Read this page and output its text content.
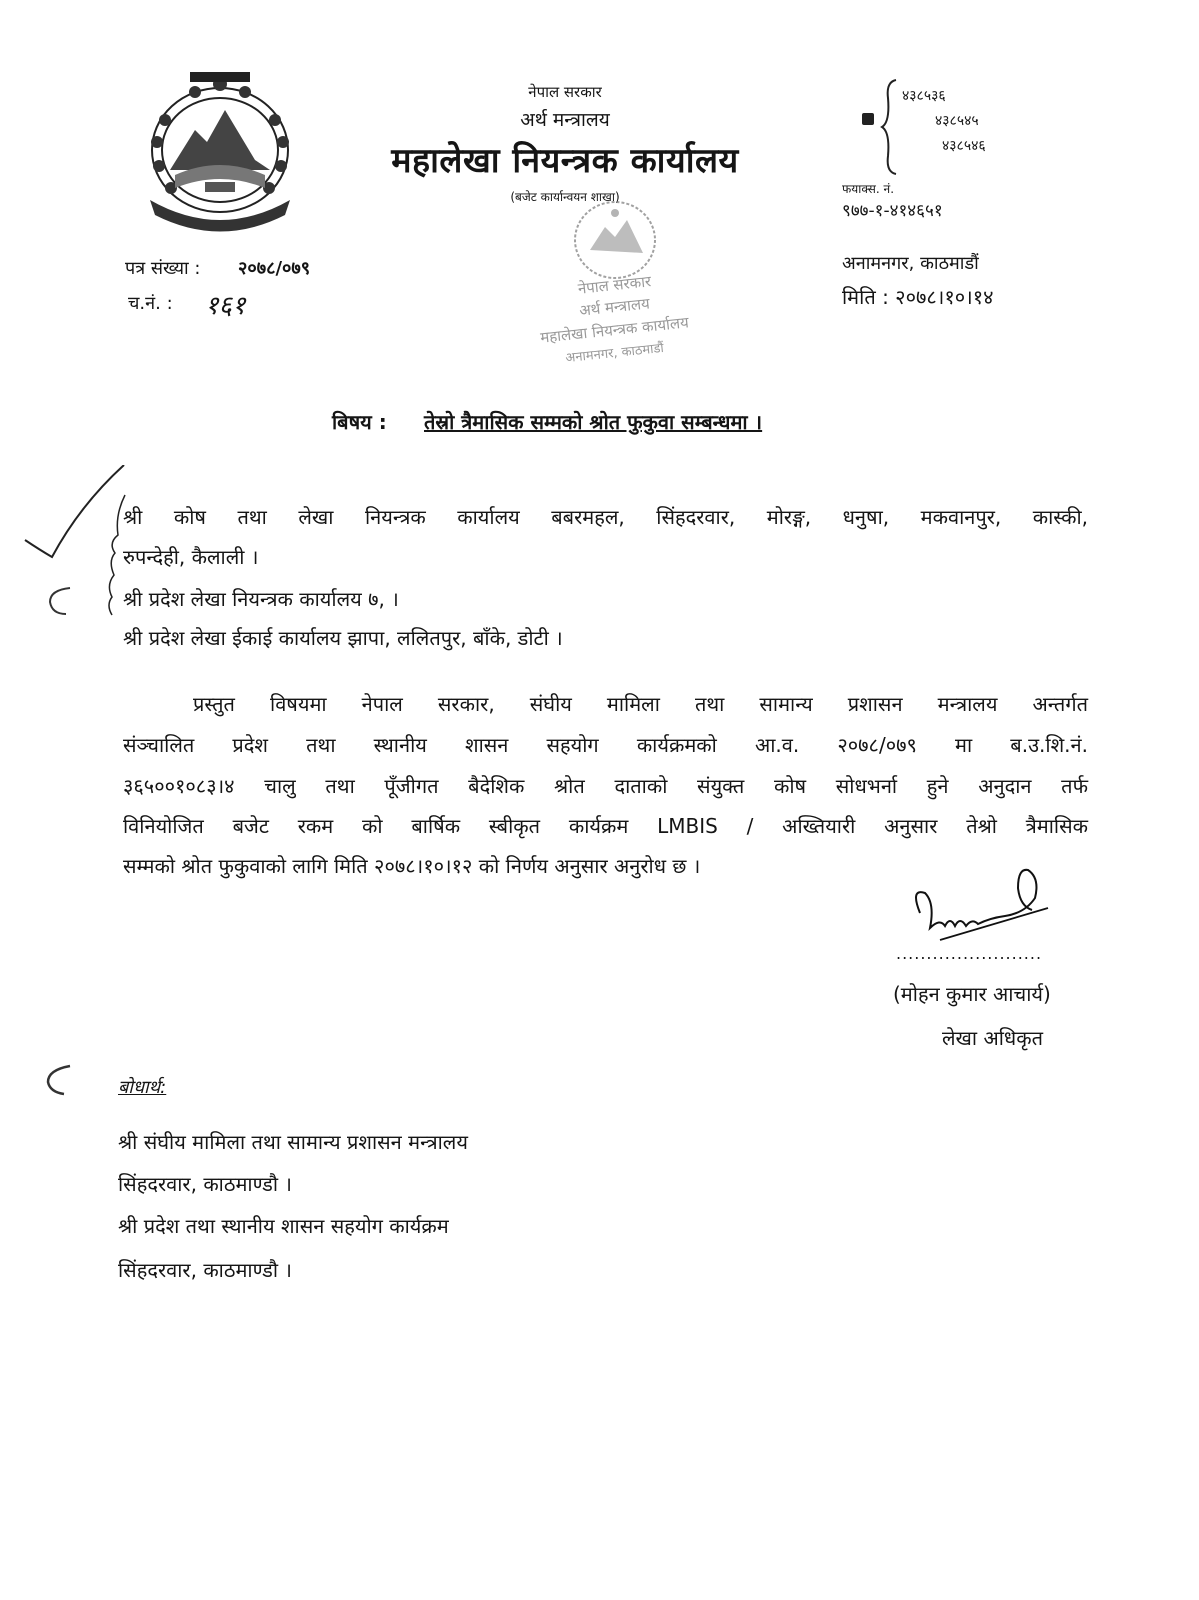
नेपाल सरकार
अर्थ मन्त्रालय
महालेखा नियन्त्रक कार्यालय
(बजेट कार्यान्वयन शाखा)
४३८५३६
४३८५४५
४३८५४६
फयाक्स. नं.
९७७-१-४१४६५१
अनामनगर, काठमाडौं
मिति : २०७८।१०।१४
पत्र संख्या : २०७८/०७९
च.नं. : १६१
नेपाल सरकार
अर्थ मन्त्रालय
महालेखा नियन्त्रक कार्यालय
अनामनगर, काठमाडौं
बिषय : तेस्रो त्रैमासिक सम्मको श्रोत फुकुवा सम्बन्धमा ।
श्री कोष तथा लेखा नियन्त्रक कार्यालय बबरमहल, सिंहदरवार, मोरङ्ग, धनुषा, मकवानपुर, कास्की,
रुपन्देही, कैलाली ।
श्री प्रदेश लेखा नियन्त्रक कार्यालय ७, ।
श्री प्रदेश लेखा ईकाई कार्यालय झापा, ललितपुर, बाँके, डोटी ।
प्रस्तुत विषयमा नेपाल सरकार, संघीय मामिला तथा सामान्य प्रशासन मन्त्रालय अन्तर्गत
संञ्चालित प्रदेश तथा स्थानीय शासन सहयोग कार्यक्रमको आ.व. २०७८/०७९ मा ब.उ.शि.नं.
३६५००१०८३।४ चालु तथा पूँजीगत बैदेशिक श्रोत दाताको संयुक्त कोष सोधभर्ना हुने अनुदान तर्फ
विनियोजित बजेट रकम को बार्षिक स्बीकृत कार्यक्रम LMBIS / अख्तियारी अनुसार तेश्रो त्रैमासिक
सम्मको श्रोत फुकुवाको लागि मिति २०७८।१०।१२ को निर्णय अनुसार अनुरोध छ ।
........................
(मोहन कुमार आचार्य)
लेखा अधिकृत
बोधार्थ:
श्री संघीय मामिला तथा सामान्य प्रशासन मन्त्रालय
सिंहदरवार, काठमाण्डौ ।
श्री प्रदेश तथा स्थानीय शासन सहयोग कार्यक्रम
सिंहदरवार, काठमाण्डौ ।
